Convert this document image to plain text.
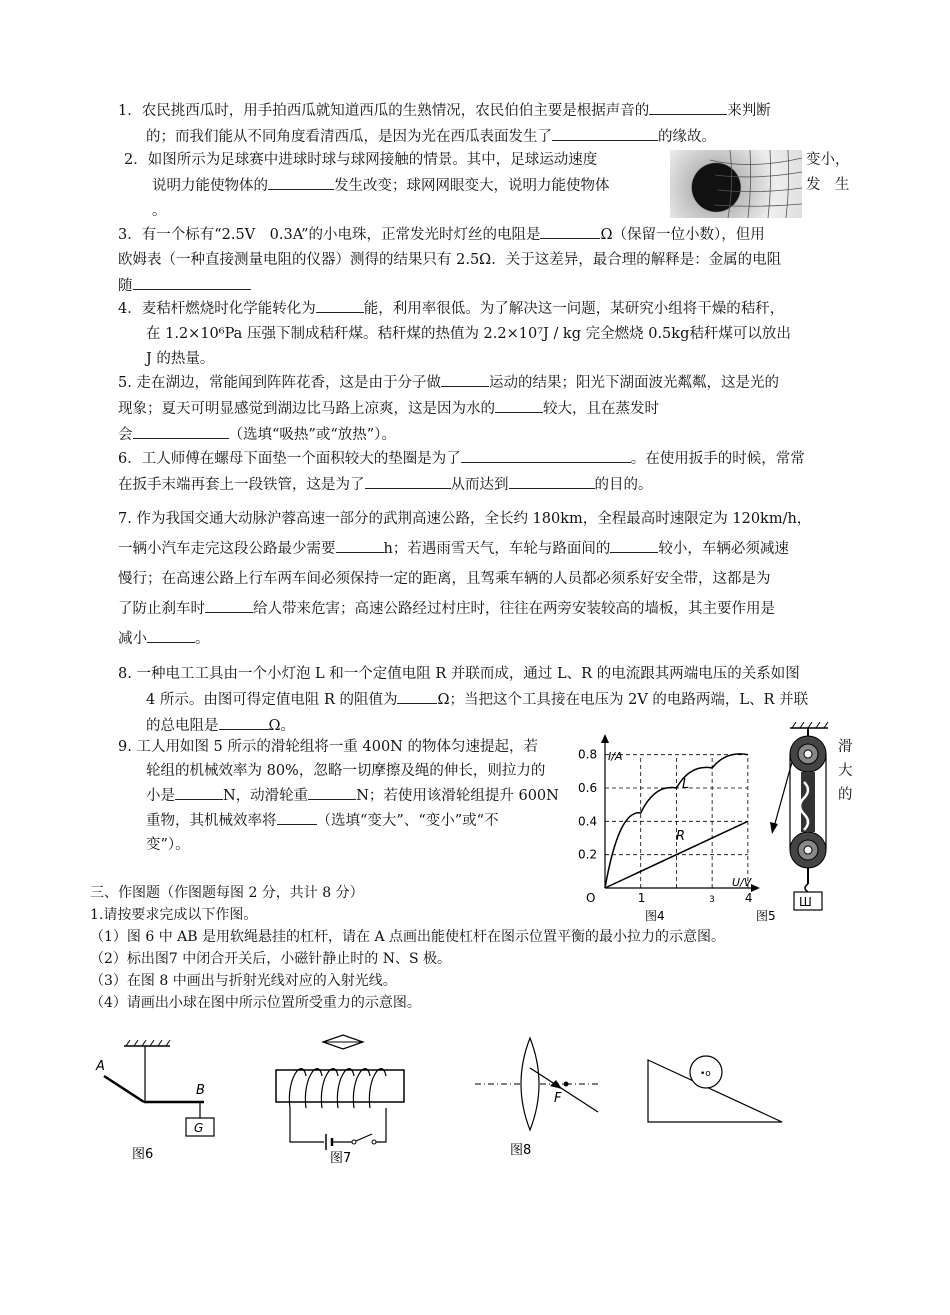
1．农民挑西瓜时，用手拍西瓜就知道西瓜的生熟情况，农民伯伯主要是根据声音的	来判断
的；而我们能从不同角度看清西瓜，是因为光在西瓜表面发生了	的缘故。
2．如图所示为足球赛中进球时球与球网接触的情景。其中，足球运动速度
说明力能使物体的	发生改变；球网网眼变大，说明力能使物体
。
变小，
发　生
3．有一个标有“2.5V　0.3A”的小电珠，正常发光时灯丝的电阻是	Ω（保留一位小数），但用
欧姆表（一种直接测量电阻的仪器）测得的结果只有 2.5Ω．关于这差异，最合理的解释是：金属的电阻
随
4．麦秸杆燃烧时化学能转化为	能，利用率很低。为了解决这一问题，某研究小组将干燥的秸秆，
在 1.2×10⁶Pa 压强下制成秸秆煤。秸秆煤的热值为 2.2×10⁷J / kg 完全燃烧 0.5kg秸秆煤可以放出
J 的热量。
5. 走在湖边，常能闻到阵阵花香，这是由于分子做	运动的结果；阳光下湖面波光粼粼，这是光的
现象；夏天可明显感觉到湖边比马路上凉爽，这是因为水的	较大，且在蒸发时
会	（选填“吸热”或“放热”）。
6．工人师傅在螺母下面垫一个面积较大的垫圈是为了	。在使用扳手的时候，常常
在扳手末端再套上一段铁管，这是为了	从而达到	的目的。
7. 作为我国交通大动脉沪蓉高速一部分的武荆高速公路，全长约 180km，全程最高时速限定为 120km/h，
一辆小汽车走完这段公路最少需要	h；若遇雨雪天气，车轮与路面间的	较小，车辆必须减速
慢行；在高速公路上行车两车间必须保持一定的距离，且驾乘车辆的人员都必须系好安全带，这都是为
了防止刹车时	给人带来危害；高速公路经过村庄时，往往在两旁安装较高的墙板，其主要作用是
减小	。
8. 一种电工工具由一个小灯泡 L 和一个定值电阻 R 并联而成，通过 L、R 的电流跟其两端电压的关系如图
4 所示。由图可得定值电阻 R 的阻值为	Ω；当把这个工具接在电压为 2V 的电路两端，L、R 并联
的总电阻是	Ω。
9. 工人用如图 5 所示的滑轮组将一重 400N 的物体匀速提起，若
轮组的机械效率为 80%，忽略一切摩擦及绳的伸长，则拉力的
小是	N，动滑轮重	N；若使用该滑轮组提升 600N
重物，其机械效率将	（选填“变大”、“变小”或“不
变”）。
滑
大
的
I/A
U/V
O
0.8
0.6
0.4
0.2
1	3 4
L
R
图4
Ш
图5
三、作图题（作图题每图 2 分，共计 8 分）
1.请按要求完成以下作图。
（1）图 6 中 AB 是用软绳悬挂的杠杆，请在 A 点画出能使杠杆在图示位置平衡的最小拉力的示意图。
（2）标出图7 中闭合开关后，小磁针静止时的 N、S 极。
（3）在图 8 中画出与折射光线对应的入射光线。
（4）请画出小球在图中所示位置所受重力的示意图。
G
A
B
图6	图7
F
图8
•o
